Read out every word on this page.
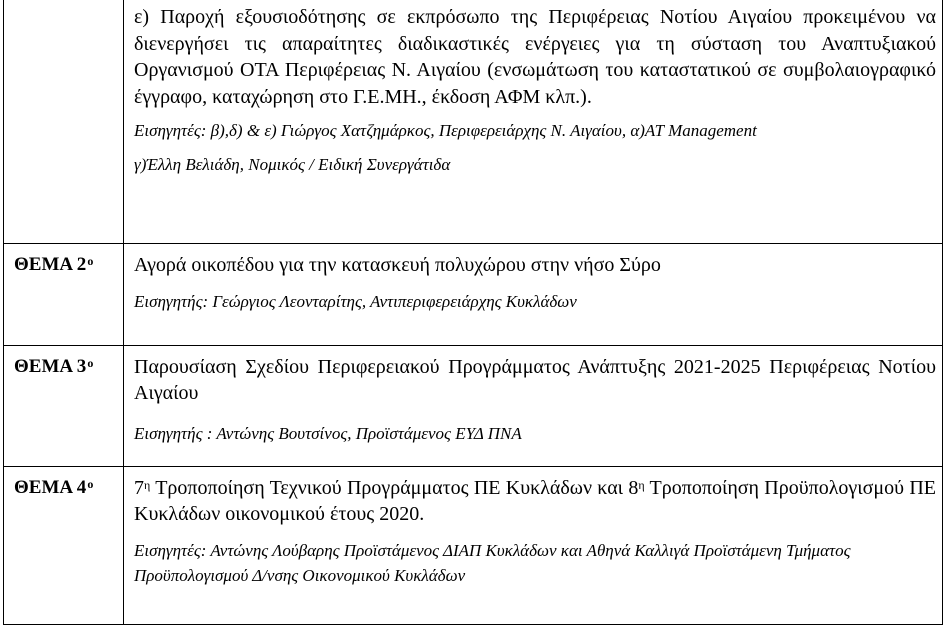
	ε) Παροχή εξουσιοδότησης σε εκπρόσωπο της Περιφέρειας Νοτίου Αιγαίου προκειμένου να διενεργήσει τις απαραίτητες διαδικαστικές ενέργειες για τη σύσταση του Αναπτυξιακού Οργανισμού ΟΤΑ Περιφέρειας Ν. Αιγαίου (ενσωμάτωση του καταστατικού σε συμβολαιογραφικό έγγραφο, καταχώρηση στο Γ.Ε.ΜΗ., έκδοση ΑΦΜ κλπ.).

Εισηγητές: β),δ) & ε) Γιώργος Χατζημάρκος, Περιφερειάρχης Ν. Αιγαίου, α)AT Management

γ)Έλλη Βελιάδη, Νομικός / Ειδική Συνεργάτιδα

ΘΕΜΑ $2^o$	Αγορά οικοπέδου για την κατασκευή πολυχώρου στην νήσο Σύρο

Εισηγητής: Γεώργιος Λεονταρίτης, Αντιπεριφερειάρχης Κυκλάδων

ΘΕΜΑ $3^o$	Παρουσίαση Σχεδίου Περιφερειακού Προγράμματος Ανάπτυξης 2021-2025 Περιφέρειας Νοτίου Αιγαίου

Εισηγητής : Αντώνης Βουτσίνος, Προϊστάμενος ΕΥΔ ΠΝΑ

ΘΕΜΑ $4^o$	$7^\eta$ Τροποποίηση Τεχνικού Προγράμματος ΠΕ Κυκλάδων και $8^\eta$ Τροποποίηση Προϋπολογισμού ΠΕ Κυκλάδων οικονομικού έτους 2020.

Εισηγητές: Αντώνης Λούβαρης Προϊστάμενος ΔΙΑΠ Κυκλάδων και Αθηνά Καλλιγά Προϊστάμενη Τμήματος Προϋπολογισμού Δ/νσης Οικονομικού Κυκλάδων
